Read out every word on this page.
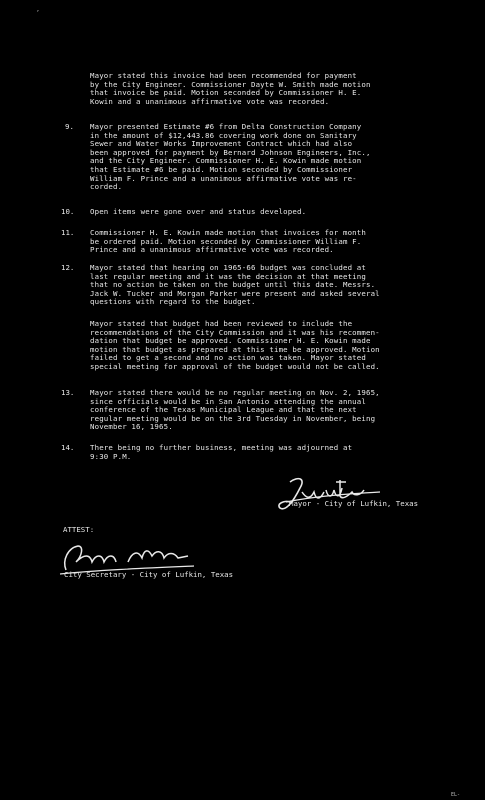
’
Mayor stated this invoice had been recommended for payment
by the City Engineer. Commissioner Dayte W. Smith made motion
that invoice be paid. Motion seconded by Commissioner H. E.
Kowin and a unanimous affirmative vote was recorded.
9. Mayor presented Estimate #6 from Delta Construction Company
in the amount of $12,443.86 covering work done on Sanitary
Sewer and Water Works Improvement Contract which had also
been approved for payment by Bernard Johnson Engineers, Inc.,
and the City Engineer. Commissioner H. E. Kowin made motion
that Estimate #6 be paid. Motion seconded by Commissioner
William F. Prince and a unanimous affirmative vote was re-
corded.
10. Open items were gone over and status developed.
11. Commissioner H. E. Kowin made motion that invoices for month
be ordered paid. Motion seconded by Commissioner William F.
Prince and a unanimous affirmative vote was recorded.
12. Mayor stated that hearing on 1965-66 budget was concluded at
last regular meeting and it was the decision at that meeting
that no action be taken on the budget until this date. Messrs.
Jack W. Tucker and Morgan Parker were present and asked several
questions with regard to the budget.
Mayor stated that budget had been reviewed to include the
recommendations of the City Commission and it was his recommen-
dation that budget be approved. Commissioner H. E. Kowin made
motion that budget as prepared at this time be approved. Motion
failed to get a second and no action was taken. Mayor stated
special meeting for approval of the budget would not be called.
13. Mayor stated there would be no regular meeting on Nov. 2, 1965,
since officials would be in San Antonio attending the annual
conference of the Texas Municipal League and that the next
regular meeting would be on the 3rd Tuesday in November, being
November 16, 1965.
14. There being no further business, meeting was adjourned at
9:30 P.M.
Mayor - City of Lufkin, Texas
ATTEST:
City Secretary - City of Lufkin, Texas
EL-
